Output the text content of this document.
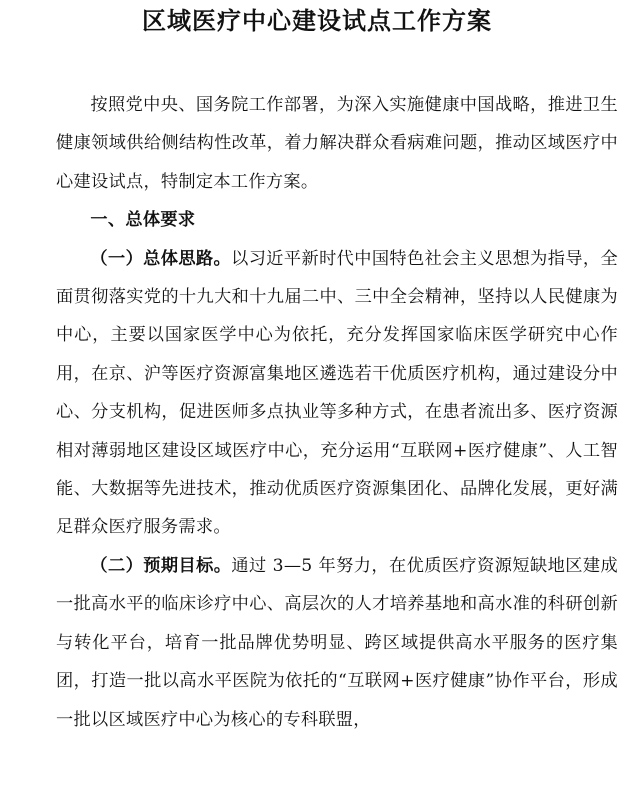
区域医疗中心建设试点工作方案

按照党中央、国务院工作部署，为深入实施健康中国战略，推进卫生健康领域供给侧结构性改革，着力解决群众看病难问题，推动区域医疗中心建设试点，特制定本工作方案。

一、总体要求

（一）总体思路。以习近平新时代中国特色社会主义思想为指导，全面贯彻落实党的十九大和十九届二中、三中全会精神，坚持以人民健康为中心，主要以国家医学中心为依托，充分发挥国家临床医学研究中心作用，在京、沪等医疗资源富集地区遴选若干优质医疗机构，通过建设分中心、分支机构，促进医师多点执业等多种方式，在患者流出多、医疗资源相对薄弱地区建设区域医疗中心，充分运用“互联网+医疗健康”、人工智能、大数据等先进技术，推动优质医疗资源集团化、品牌化发展，更好满足群众医疗服务需求。

（二）预期目标。通过 3—5 年努力，在优质医疗资源短缺地区建成一批高水平的临床诊疗中心、高层次的人才培养基地和高水准的科研创新与转化平台，培育一批品牌优势明显、跨区域提供高水平服务的医疗集团，打造一批以高水平医院为依托的“互联网+医疗健康”协作平台，形成一批以区域医疗中心为核心的专科联盟，
